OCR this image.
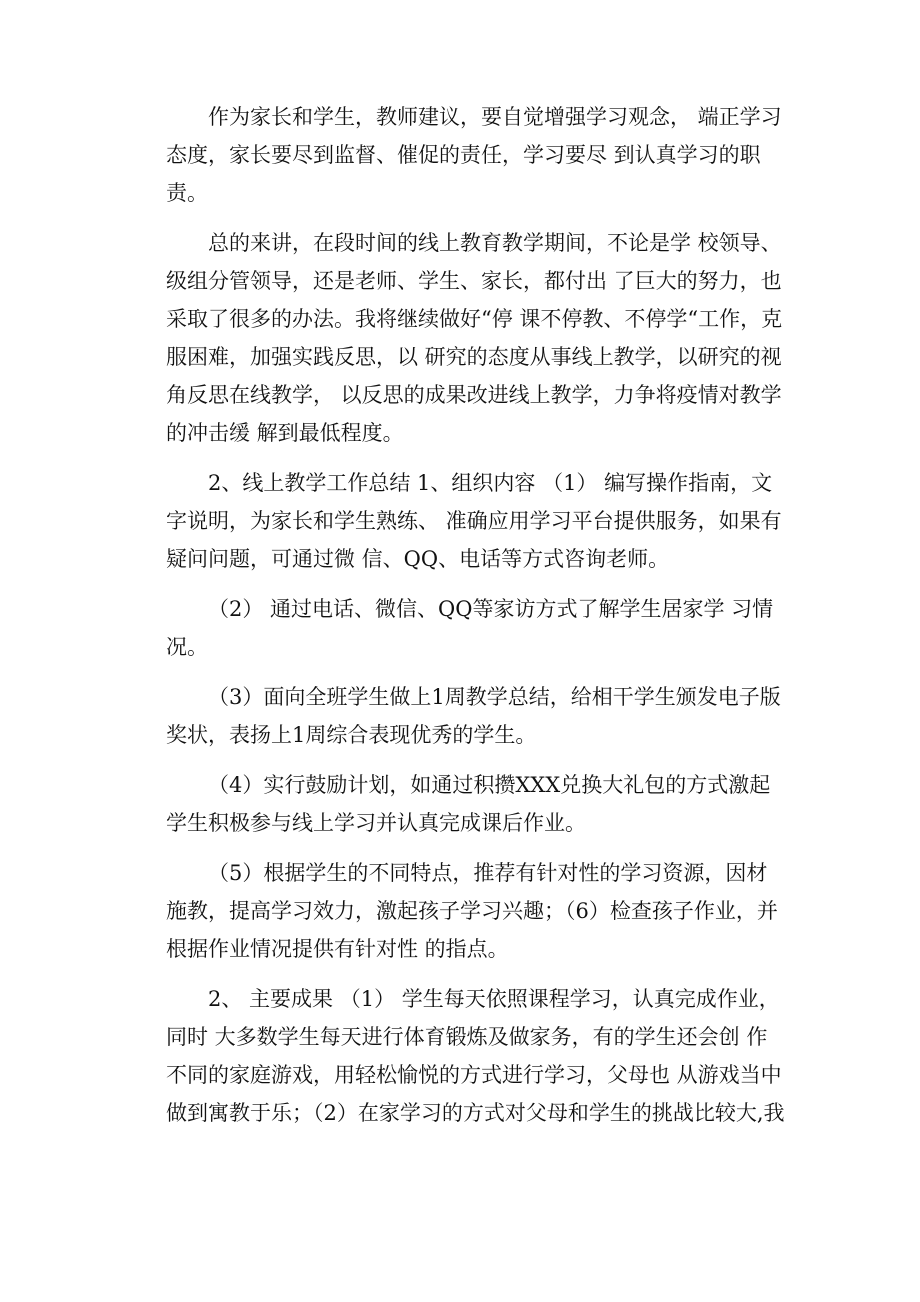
作为家长和学生，教师建议，要自觉增强学习观念， 端正学习态度，家长要尽到监督、催促的责任，学习要尽 到认真学习的职责。

总的来讲，在段时间的线上教育教学期间，不论是学 校领导、级组分管领导，还是老师、学生、家长，都付出 了巨大的努力，也采取了很多的办法。我将继续做好“停 课不停教、不停学“工作，克服困难，加强实践反思，以 研究的态度从事线上教学，以研究的视角反思在线教学， 以反思的成果改进线上教学，力争将疫情对教学的冲击缓 解到最低程度。

2、线上教学工作总结 1、组织内容 （1） 编写操作指南，文字说明，为家长和学生熟练、 准确应用学习平台提供服务，如果有疑问问题，可通过微 信、QQ、电话等方式咨询老师。

（2） 通过电话、微信、QQ等家访方式了解学生居家学 习情况。

（3）面向全班学生做上1周教学总结，给相干学生颁发电子版奖状，表扬上1周综合表现优秀的学生。

（4）实行鼓励计划，如通过积攒XXX兑换大礼包的方式激起学生积极参与线上学习并认真完成课后作业。

（5）根据学生的不同特点，推荐有针对性的学习资源，因材施教，提高学习效力，激起孩子学习兴趣；（6）检查孩子作业，并根据作业情况提供有针对性 的指点。

2、 主要成果 （1） 学生每天依照课程学习，认真完成作业，同时 大多数学生每天进行体育锻炼及做家务，有的学生还会创 作不同的家庭游戏，用轻松愉悦的方式进行学习，父母也 从游戏当中做到寓教于乐；（2）在家学习的方式对父母和学生的挑战比较大,我
